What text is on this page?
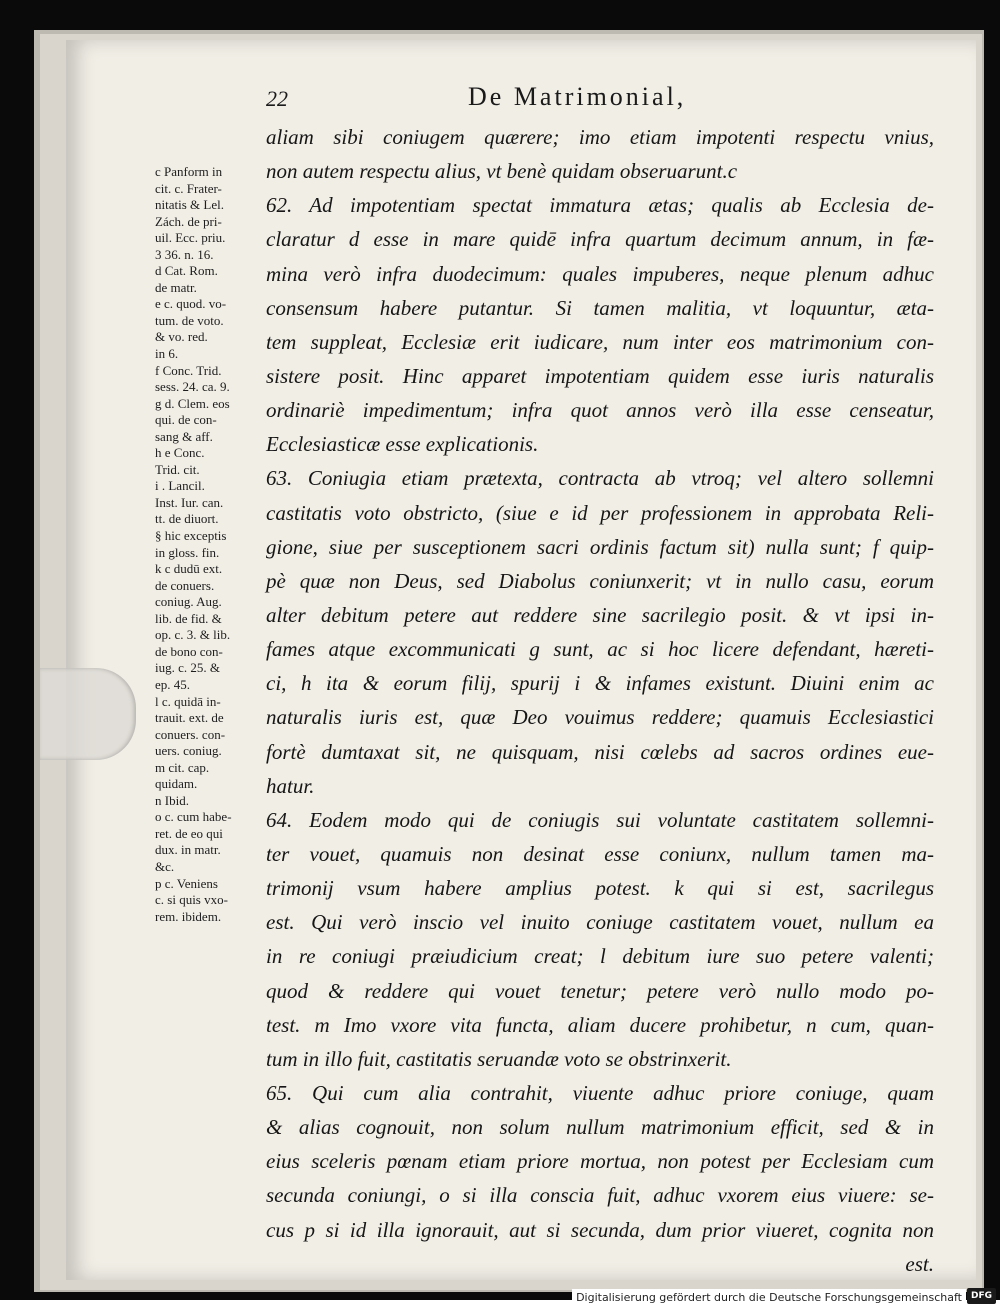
22	De Matrimonial,
c Panform in
cit. c. Frater-
nitatis & Lel.
Zách. de pri-
uil. Ecc. priu.
3 36. n. 16.
d Cat. Rom.
de matr.
e c. quod. vo-
tum. de voto.
& vo. red.
in 6.
f Conc. Trid.
sess. 24. ca. 9.
g d. Clem. eos
qui. de con-
sang & aff.
h e Conc.
Trid. cit.
i . Lancil.
Inst. Iur. can.
tt. de diuort.
§ hic exceptis
in gloss. fin.
k c dudū ext.
de conuers.
coniug. Aug.
lib. de fid. &
op. c. 3. & lib.
de bono con-
iug. c. 25. &
ep. 45.
l c. quidā in-
trauit. ext. de
conuers. con-
uers. coniug.
m cit. cap.
quidam.
n Ibid.
o c. cum habe-
ret. de eo qui
dux. in matr.
&c.
p c. Veniens
c. si quis vxo-
rem. ibidem.
aliam sibi coniugem quærere; imo etiam impotenti respectu vnius,
non autem respectu alius, vt benè quidam obseruarunt.c
62. Ad impotentiam spectat immatura ætas; qualis ab Ecclesia de-
claratur d esse in mare quidē infra quartum decimum annum, in fæ-
mina verò infra duodecimum: quales impuberes, neque plenum adhuc
consensum habere putantur. Si tamen malitia, vt loquuntur, æta-
tem suppleat, Ecclesiæ erit iudicare, num inter eos matrimonium con-
sistere posit. Hinc apparet impotentiam quidem esse iuris naturalis
ordinariè impedimentum; infra quot annos verò illa esse censeatur,
Ecclesiasticæ esse explicationis.
63. Coniugia etiam prætexta, contracta ab vtroq; vel altero sollemni
castitatis voto obstricto, (siue e id per professionem in approbata Reli-
gione, siue per susceptionem sacri ordinis factum sit) nulla sunt; f quip-
pè quæ non Deus, sed Diabolus coniunxerit; vt in nullo casu, eorum
alter debitum petere aut reddere sine sacrilegio posit. & vt ipsi in-
fames atque excommunicati g sunt, ac si hoc licere defendant, hæreti-
ci, h ita & eorum filij, spurij i & infames existunt. Diuini enim ac
naturalis iuris est, quæ Deo vouimus reddere; quamuis Ecclesiastici
fortè dumtaxat sit, ne quisquam, nisi cœlebs ad sacros ordines eue-
hatur.
64. Eodem modo qui de coniugis sui voluntate castitatem sollemni-
ter vouet, quamuis non desinat esse coniunx, nullum tamen ma-
trimonij vsum habere amplius potest. k qui si est, sacrilegus
est. Qui verò inscio vel inuito coniuge castitatem vouet, nullum ea
in re coniugi præiudicium creat; l debitum iure suo petere valenti;
quod & reddere qui vouet tenetur; petere verò nullo modo po-
test. m Imo vxore vita functa, aliam ducere prohibetur, n cum, quan-
tum in illo fuit, castitatis seruandæ voto se obstrinxerit.
65. Qui cum alia contrahit, viuente adhuc priore coniuge, quam
& alias cognouit, non solum nullum matrimonium efficit, sed & in
eius sceleris pœnam etiam priore mortua, non potest per Ecclesiam cum
secunda coniungi, o si illa conscia fuit, adhuc vxorem eius viuere: se-
cus p si id illa ignorauit, aut si secunda, dum prior viueret, cognita non
est.
Digitalisierung gefördert durch die Deutsche Forschungsgemeinschaft DFG
